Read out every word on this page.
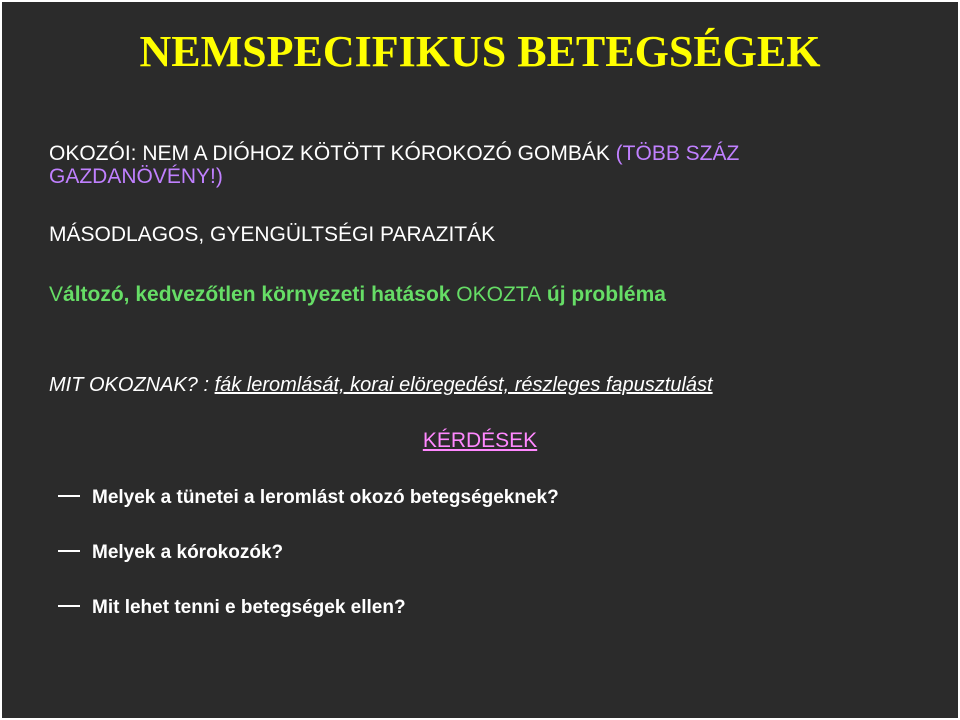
NEMSPECIFIKUS BETEGSÉGEK
OKOZÓI: NEM A DIÓHOZ KÖTÖTT KÓROKOZÓ GOMBÁK (TÖBB SZÁZ GAZDANÖVÉNY!)
MÁSODLAGOS, GYENGÜLTSÉGI PARAZITÁK
Változó, kedvezőtlen környezeti hatások OKOZTA új probléma
MIT OKOZNAK? : fák leromlását, korai elöregedést, részleges fapusztulást
KÉRDÉSEK
Melyek a tünetei a leromlást okozó betegségeknek?
Melyek a kórokozók?
Mit lehet tenni e betegségek ellen?
